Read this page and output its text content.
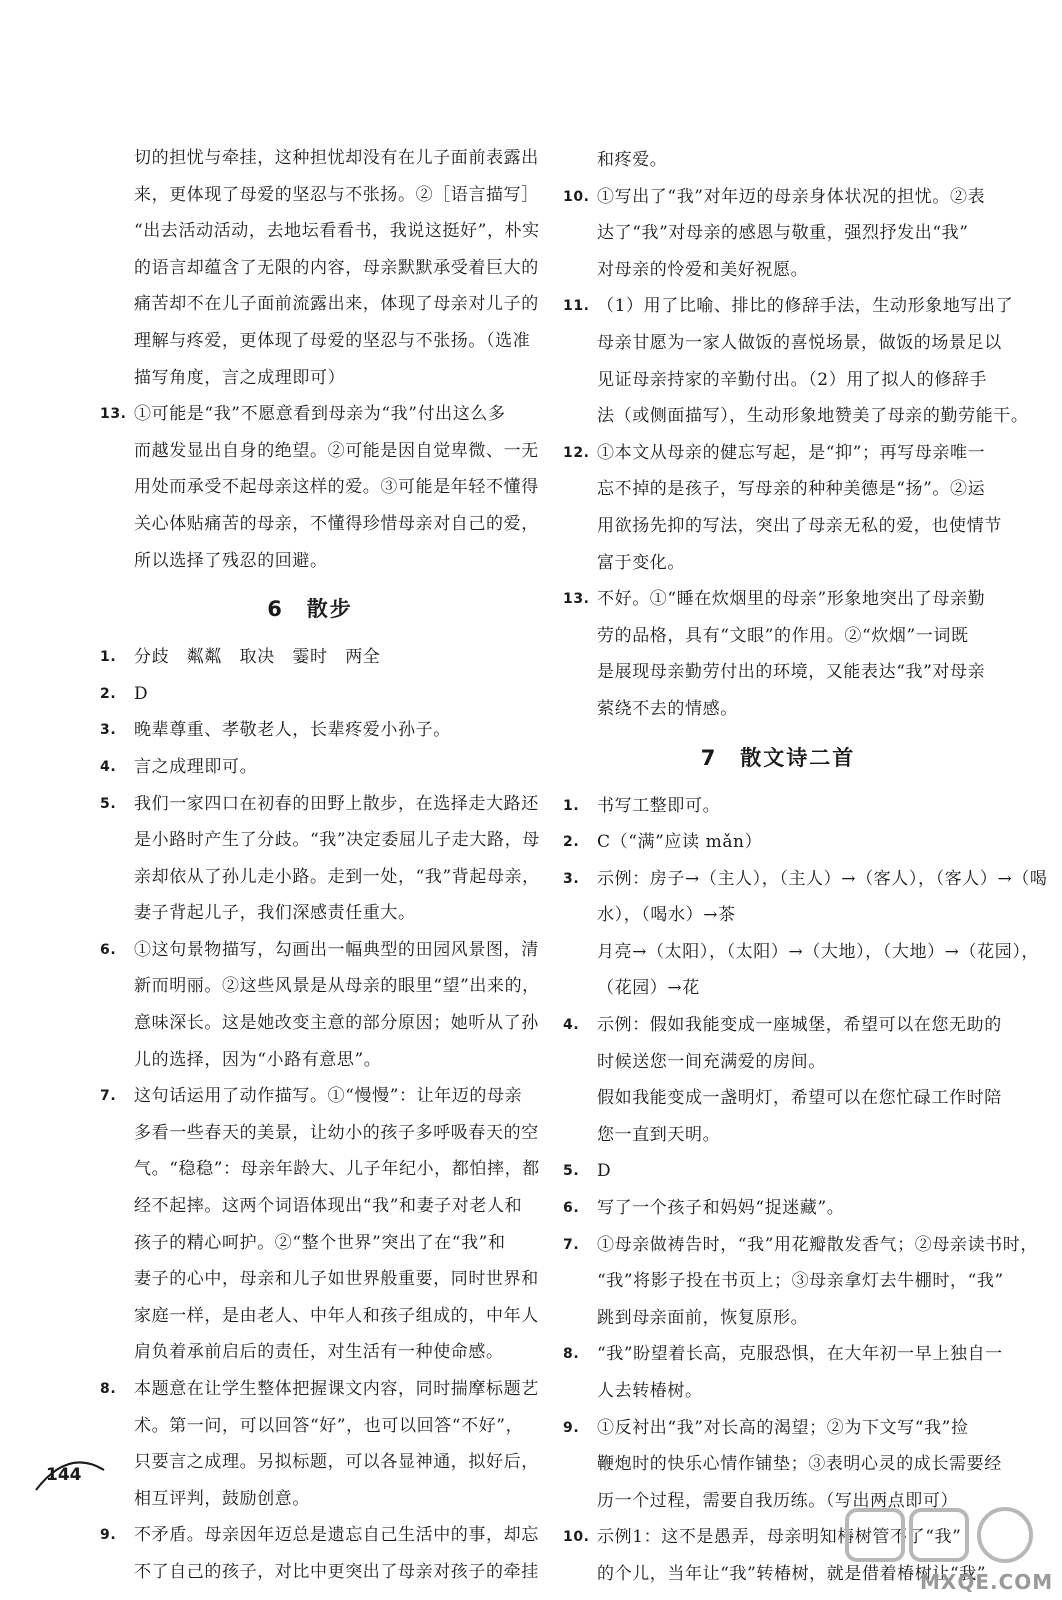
切的担忧与牵挂，这种担忧却没有在儿子面前表露出
来，更体现了母爱的坚忍与不张扬。②［语言描写］
“出去活动活动，去地坛看看书，我说这挺好”，朴实
的语言却蕴含了无限的内容，母亲默默承受着巨大的
痛苦却不在儿子面前流露出来，体现了母亲对儿子的
理解与疼爱，更体现了母爱的坚忍与不张扬。（选准
描写角度，言之成理即可）
13. ①可能是“我”不愿意看到母亲为“我”付出这么多
而越发显出自身的绝望。②可能是因自觉卑微、一无
用处而承受不起母亲这样的爱。③可能是年轻不懂得
关心体贴痛苦的母亲，不懂得珍惜母亲对自己的爱，
所以选择了残忍的回避。
6　散步
1. 分歧　粼粼　取决　霎时　两全
2. D
3. 晚辈尊重、孝敬老人，长辈疼爱小孙子。
4. 言之成理即可。
5. 我们一家四口在初春的田野上散步，在选择走大路还
是小路时产生了分歧。“我”决定委屈儿子走大路，母
亲却依从了孙儿走小路。走到一处，“我”背起母亲，
妻子背起儿子，我们深感责任重大。
6. ①这句景物描写，勾画出一幅典型的田园风景图，清
新而明丽。②这些风景是从母亲的眼里“望”出来的，
意味深长。这是她改变主意的部分原因；她听从了孙
儿的选择，因为“小路有意思”。
7. 这句话运用了动作描写。①“慢慢”：让年迈的母亲
多看一些春天的美景，让幼小的孩子多呼吸春天的空
气。“稳稳”：母亲年龄大、儿子年纪小，都怕摔，都
经不起摔。这两个词语体现出“我”和妻子对老人和
孩子的精心呵护。②“整个世界”突出了在“我”和
妻子的心中，母亲和儿子如世界般重要，同时世界和
家庭一样，是由老人、中年人和孩子组成的，中年人
肩负着承前启后的责任，对生活有一种使命感。
8. 本题意在让学生整体把握课文内容，同时揣摩标题艺
术。第一问，可以回答“好”，也可以回答“不好”，
只要言之成理。另拟标题，可以各显神通，拟好后，
相互评判，鼓励创意。
9. 不矛盾。母亲因年迈总是遗忘自己生活中的事，却忘
不了自己的孩子，对比中更突出了母亲对孩子的牵挂
和疼爱。
10. ①写出了“我”对年迈的母亲身体状况的担忧。②表
达了“我”对母亲的感恩与敬重，强烈抒发出“我”
对母亲的怜爱和美好祝愿。
11. （1）用了比喻、排比的修辞手法，生动形象地写出了
母亲甘愿为一家人做饭的喜悦场景，做饭的场景足以
见证母亲持家的辛勤付出。（2）用了拟人的修辞手
法（或侧面描写），生动形象地赞美了母亲的勤劳能干。
12. ①本文从母亲的健忘写起，是“抑”；再写母亲唯一
忘不掉的是孩子，写母亲的种种美德是“扬”。②运
用欲扬先抑的写法，突出了母亲无私的爱，也使情节
富于变化。
13. 不好。①“睡在炊烟里的母亲”形象地突出了母亲勤
劳的品格，具有“文眼”的作用。②“炊烟”一词既
是展现母亲勤劳付出的环境，又能表达“我”对母亲
萦绕不去的情感。
7　散文诗二首
1. 书写工整即可。
2. C（“满”应读 mǎn）
3. 示例：房子→（主人），（主人）→（客人），（客人）→（喝
水），（喝水）→茶
月亮→（太阳），（太阳）→（大地），（大地）→（花园），
（花园）→花
4. 示例：假如我能变成一座城堡，希望可以在您无助的
时候送您一间充满爱的房间。
假如我能变成一盏明灯，希望可以在您忙碌工作时陪
您一直到天明。
5. D
6. 写了一个孩子和妈妈“捉迷藏”。
7. ①母亲做祷告时，“我”用花瓣散发香气；②母亲读书时，
“我”将影子投在书页上；③母亲拿灯去牛棚时，“我”
跳到母亲面前，恢复原形。
8. “我”盼望着长高，克服恐惧，在大年初一早上独自一
人去转椿树。
9. ①反衬出“我”对长高的渴望；②为下文写“我”捡
鞭炮时的快乐心情作铺垫；③表明心灵的成长需要经
历一个过程，需要自我历练。（写出两点即可）
10. 示例1：这不是愚弄，母亲明知椿树管不了“我”
的个儿，当年让“我”转椿树，就是借着椿树让“我”
144
MXQE.COM
